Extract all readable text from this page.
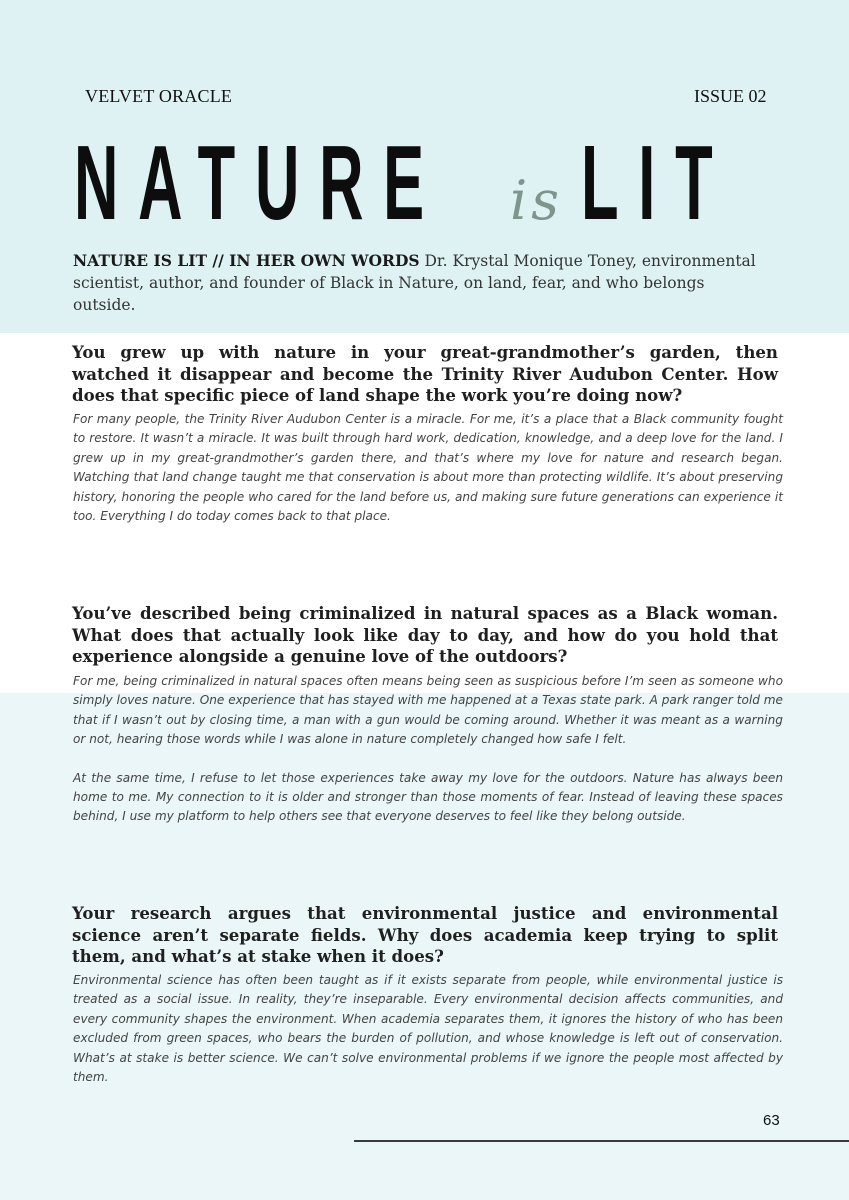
VELVET ORACLE	ISSUE 02
NATURE is LIT
NATURE IS LIT // IN HER OWN WORDS Dr. Krystal Monique Toney, environmental scientist, author, and founder of Black in Nature, on land, fear, and who belongs outside.
You grew up with nature in your great-grandmother’s garden, then watched it disappear and become the Trinity River Audubon Center. How does that specific piece of land shape the work you’re doing now?

For many people, the Trinity River Audubon Center is a miracle. For me, it’s a place that a Black community fought to restore. It wasn’t a miracle. It was built through hard work, dedication, knowledge, and a deep love for the land. I grew up in my great-grandmother’s garden there, and that’s where my love for nature and research began. Watching that land change taught me that conservation is about more than protecting wildlife. It’s about preserving history, honoring the people who cared for the land before us, and making sure future generations can experience it too. Everything I do today comes back to that place.

You’ve described being criminalized in natural spaces as a Black woman. What does that actually look like day to day, and how do you hold that experience alongside a genuine love of the outdoors?

For me, being criminalized in natural spaces often means being seen as suspicious before I’m seen as someone who simply loves nature. One experience that has stayed with me happened at a Texas state park. A park ranger told me that if I wasn’t out by closing time, a man with a gun would be coming around. Whether it was meant as a warning or not, hearing those words while I was alone in nature completely changed how safe I felt.

At the same time, I refuse to let those experiences take away my love for the outdoors. Nature has always been home to me. My connection to it is older and stronger than those moments of fear. Instead of leaving these spaces behind, I use my platform to help others see that everyone deserves to feel like they belong outside.

Your research argues that environmental justice and environmental science aren’t separate fields. Why does academia keep trying to split them, and what’s at stake when it does?

Environmental science has often been taught as if it exists separate from people, while environmental justice is treated as a social issue. In reality, they’re inseparable. Every environmental decision affects communities, and every community shapes the environment. When academia separates them, it ignores the history of who has been excluded from green spaces, who bears the burden of pollution, and whose knowledge is left out of conservation. What’s at stake is better science. We can’t solve environmental problems if we ignore the people most affected by them.

63
